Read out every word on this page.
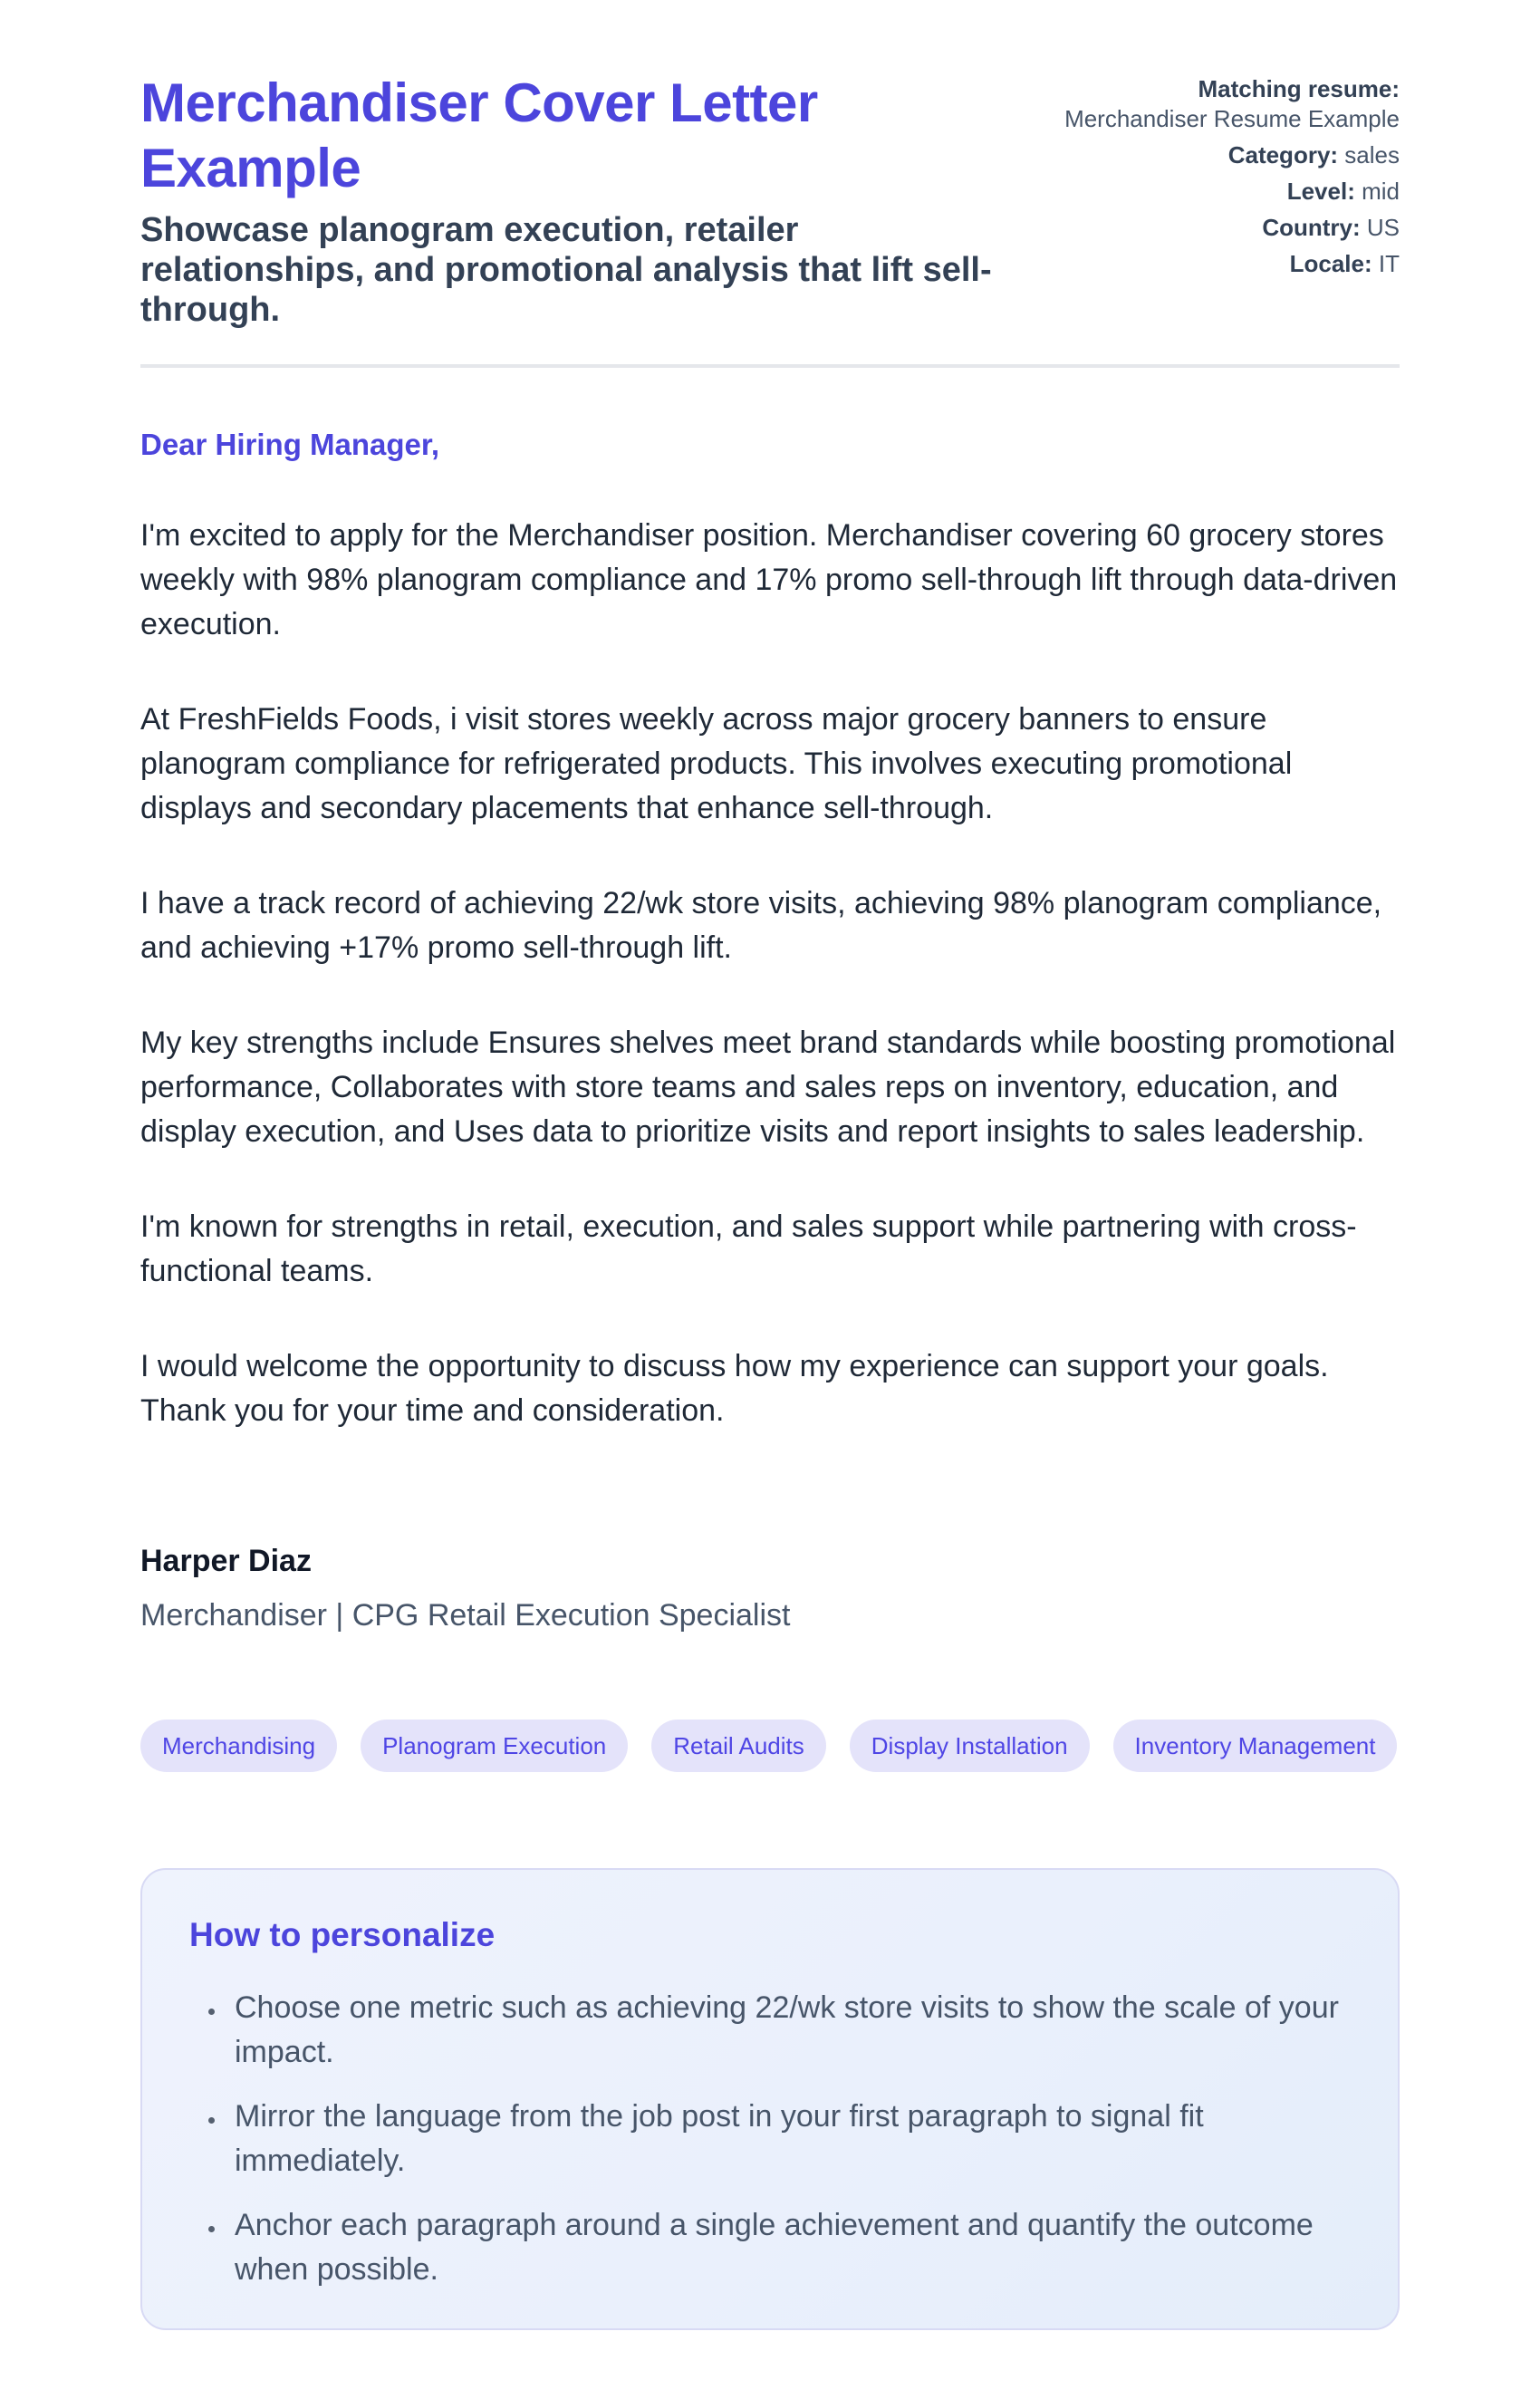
Merchandiser Cover Letter Example
Showcase planogram execution, retailer relationships, and promotional analysis that lift sell-through.
Matching resume: Merchandiser Resume Example
Category: sales
Level: mid
Country: US
Locale: IT

Dear Hiring Manager,

I'm excited to apply for the Merchandiser position. Merchandiser covering 60 grocery stores weekly with 98% planogram compliance and 17% promo sell-through lift through data-driven execution.

At FreshFields Foods, i visit stores weekly across major grocery banners to ensure planogram compliance for refrigerated products. This involves executing promotional displays and secondary placements that enhance sell-through.

I have a track record of achieving 22/wk store visits, achieving 98% planogram compliance, and achieving +17% promo sell-through lift.

My key strengths include Ensures shelves meet brand standards while boosting promotional performance, Collaborates with store teams and sales reps on inventory, education, and display execution, and Uses data to prioritize visits and report insights to sales leadership.

I'm known for strengths in retail, execution, and sales support while partnering with cross-functional teams.

I would welcome the opportunity to discuss how my experience can support your goals. Thank you for your time and consideration.

Harper Diaz

Merchandiser | CPG Retail Execution Specialist

Merchandising	Planogram Execution	Retail Audits	Display Installation	Inventory Management
How to personalize
• Choose one metric such as achieving 22/wk store visits to show the scale of your impact.
• Mirror the language from the job post in your first paragraph to signal fit immediately.
• Anchor each paragraph around a single achievement and quantify the outcome when possible.
